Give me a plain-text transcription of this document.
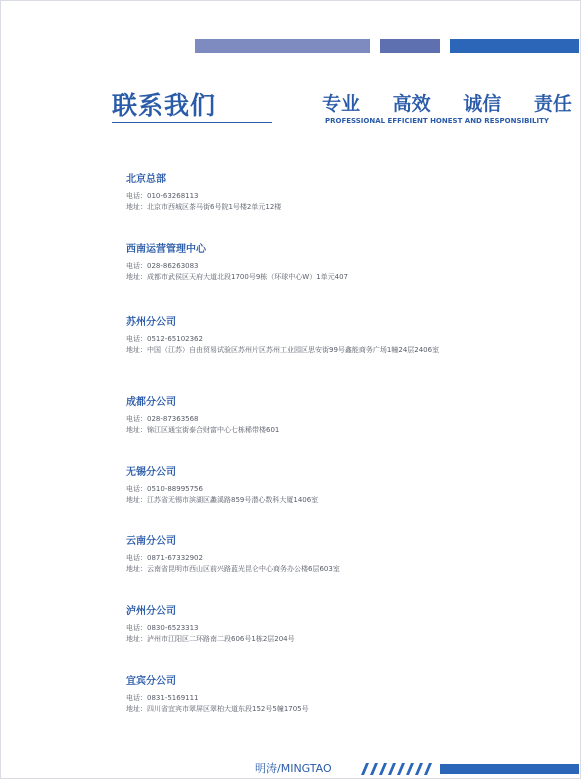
联系我们	专业 高效 诚信 责任
PROFESSIONAL EFFICIENT HONEST AND RESPONSIBILITY
北京总部
电话： 010-63268113
地址： 北京市西城区茶马街6号院1号楼2单元12楼
西南运营管理中心
电话： 028-86263083
地址： 成都市武侯区天府大道北段1700号9栋（环球中心W）1单元407
苏州分公司
电话： 0512-65102362
地址： 中国（江苏）自由贸易试验区苏州片区苏州工业园区思安街99号鑫能商务广场1幢24层2406室
成都分公司
电话： 028-87363568
地址： 锦江区通宝街泰合财富中心七栋稀带楼601
无锡分公司
电话： 0510-88995756
地址： 江苏省无锡市滨湖区蠡溪路859号潜心数科大厦1406室
云南分公司
电话： 0871-67332902
地址： 云南省昆明市西山区前兴路蓝光昆仑中心商务办公楼6层603室
泸州分公司
电话： 0830-6523313
地址： 泸州市江阳区二环路南二段606号1栋2层204号
宜宾分公司
电话： 0831-5169111
地址： 四川省宜宾市翠屏区翠柏大道东段152号5幢1705号
明涛/MINGTAO
